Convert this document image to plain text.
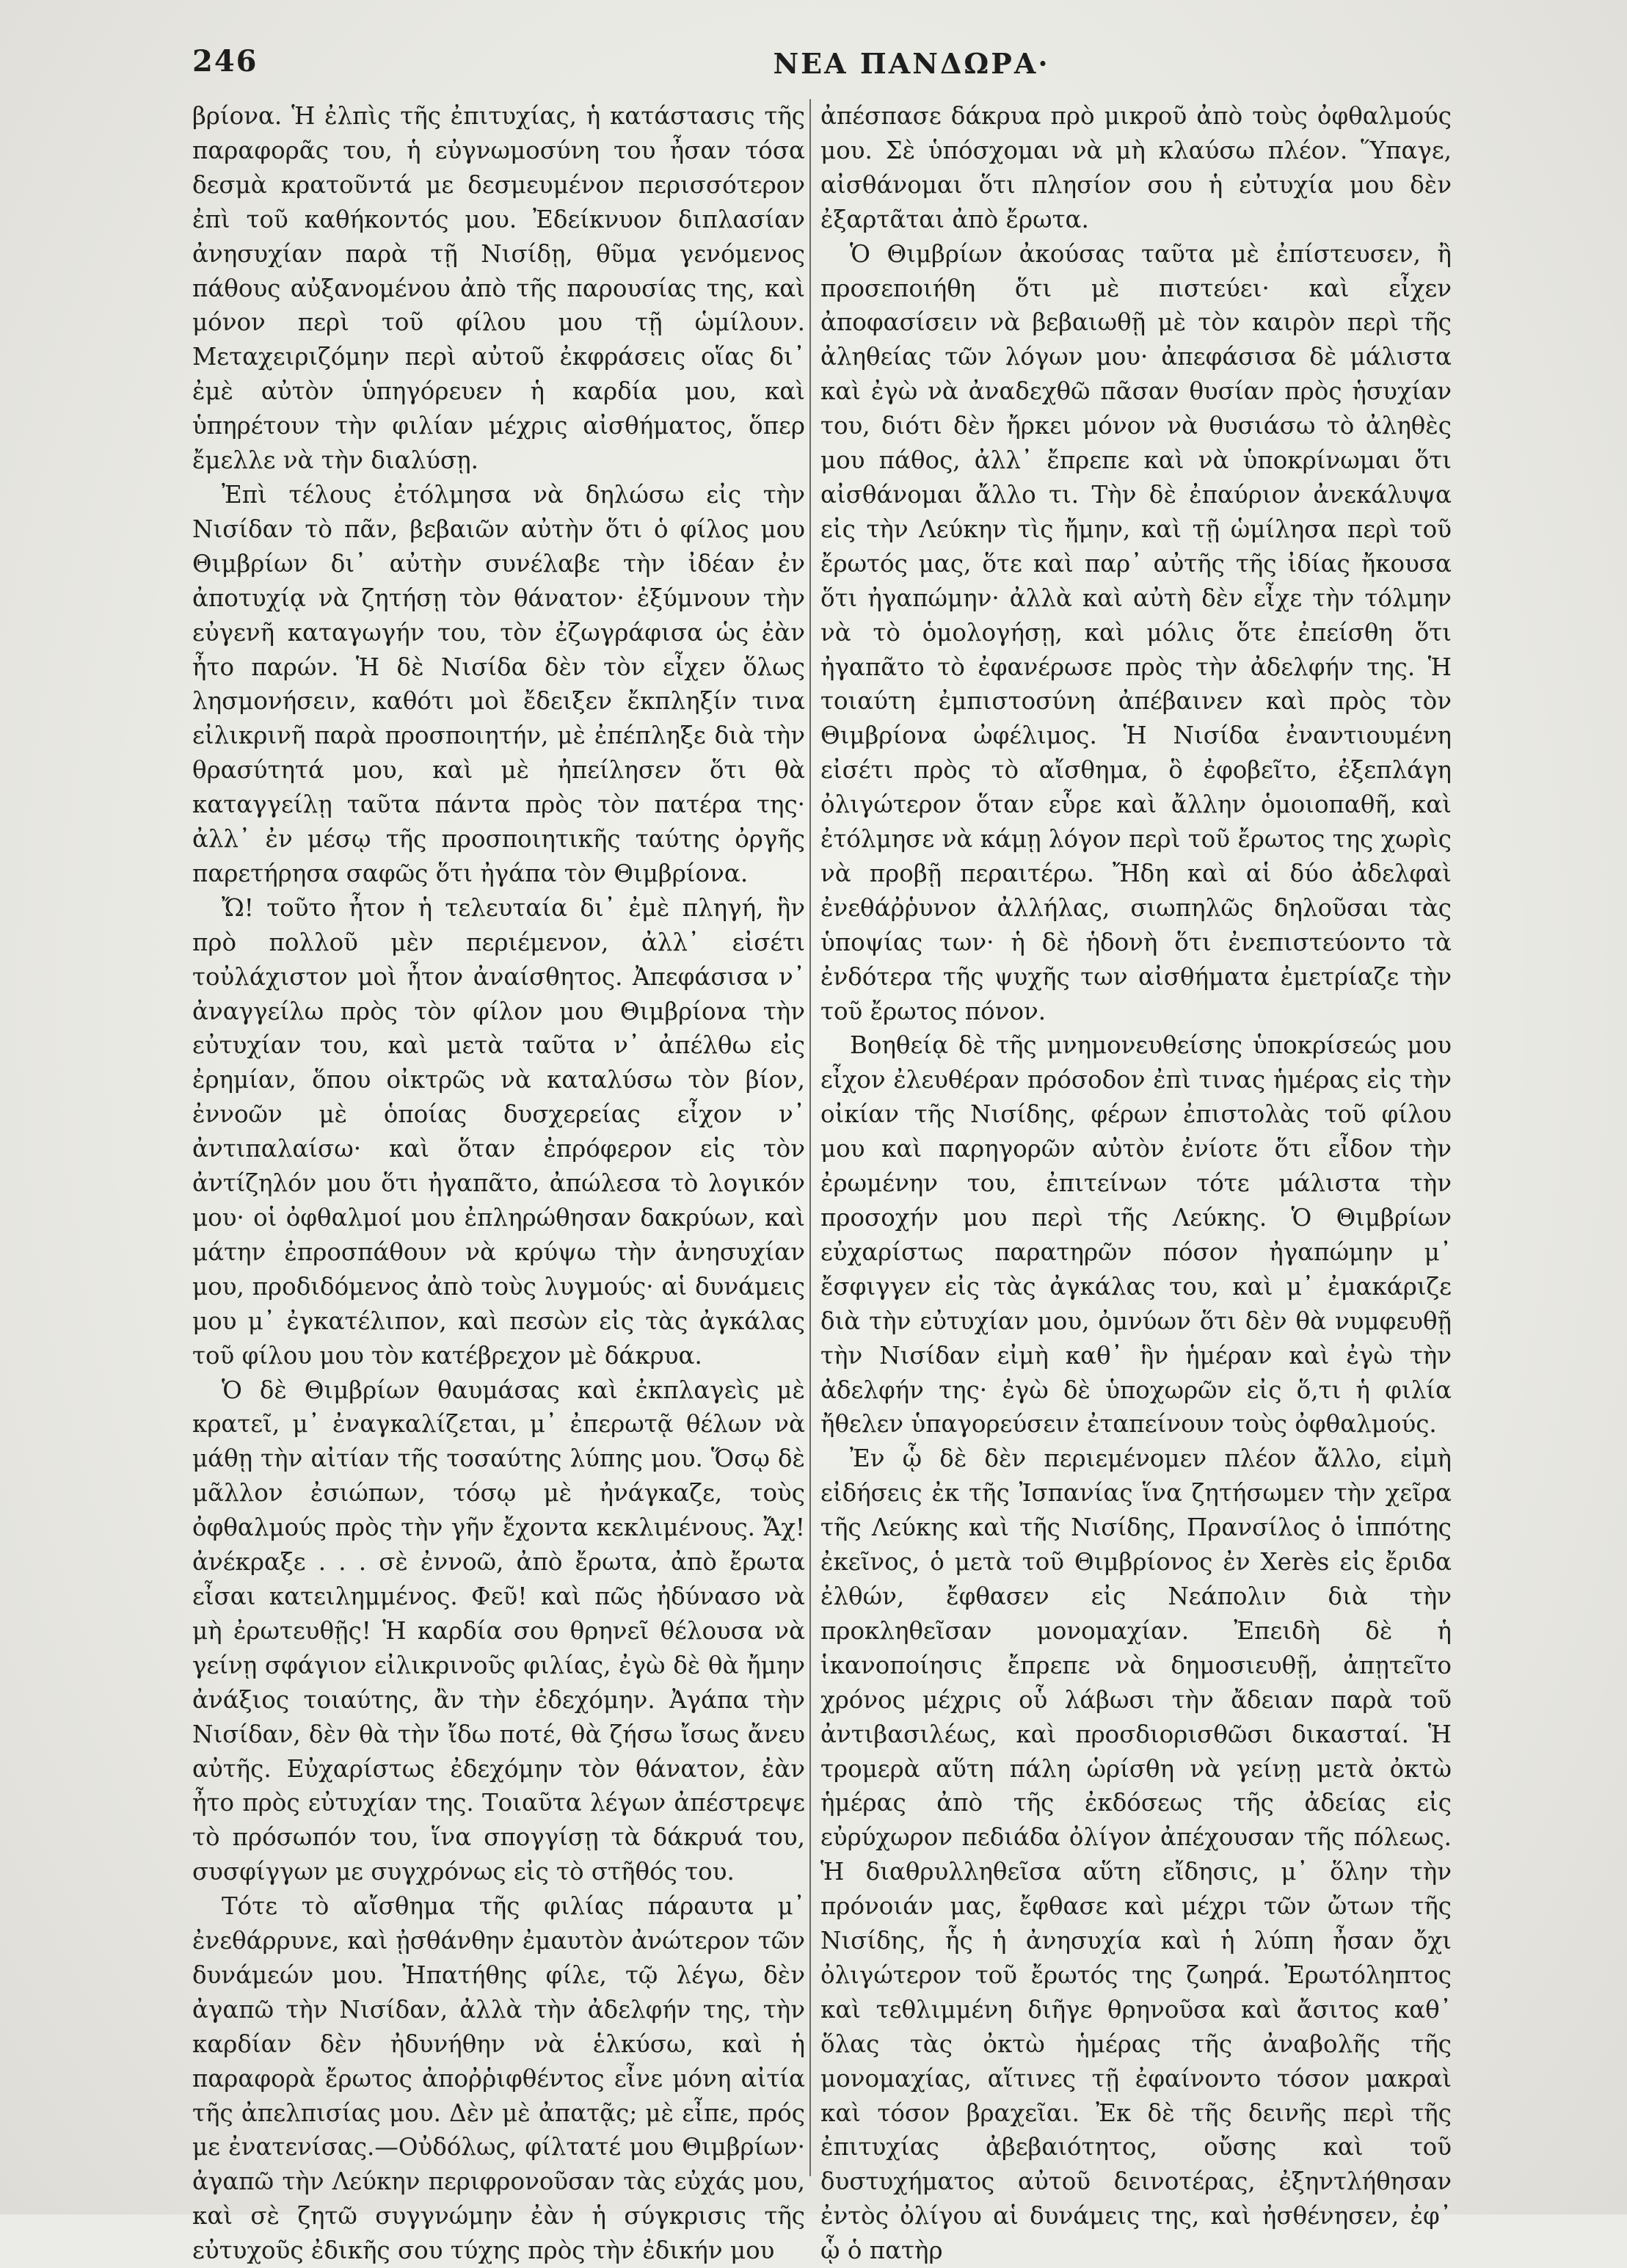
246	ΝΕΑ ΠΑΝΔΩΡΑ·

βρίονα. Ἡ ἐλπὶς τῆς ἐπιτυχίας, ἡ κατάστασις τῆς παραφορᾶς του, ἡ εὐγνωμοσύνη του ἦσαν τόσα δεσμὰ κρατοῦντά με δεσμευμένον περισσότερον ἐπὶ τοῦ καθήκοντός μου. Ἐδείκνυον διπλασίαν ἀνησυχίαν παρὰ τῇ Νισίδῃ, θῦμα γενόμενος πάθους αὐξανομένου ἀπὸ τῆς παρουσίας της, καὶ μόνον περὶ τοῦ φίλου μου τῇ ὡμίλουν. Μεταχειριζόμην περὶ αὐτοῦ ἐκφράσεις οἵας δι᾽ ἐμὲ αὐτὸν ὑπηγόρευεν ἡ καρδία μου, καὶ ὑπηρέτουν τὴν φιλίαν μέχρις αἰσθήματος, ὅπερ ἔμελλε νὰ τὴν διαλύσῃ.

Ἐπὶ τέλους ἐτόλμησα νὰ δηλώσω εἰς τὴν Νισίδαν τὸ πᾶν, βεβαιῶν αὐτὴν ὅτι ὁ φίλος μου Θιμβρίων δι᾽ αὐτὴν συνέλαβε τὴν ἰδέαν ἐν ἀποτυχίᾳ νὰ ζητήσῃ τὸν θάνατον· ἐξύμνουν τὴν εὐγενῆ καταγωγήν του, τὸν ἐζωγράφισα ὡς ἐὰν ἦτο παρών. Ἡ δὲ Νισίδα δὲν τὸν εἶχεν ὅλως λησμονήσειν, καθότι μοὶ ἔδειξεν ἔκπληξίν τινα εἰλικρινῆ παρὰ προσποιητήν, μὲ ἐπέπληξε διὰ τὴν θρασύτητά μου, καὶ μὲ ἠπείλησεν ὅτι θὰ καταγγείλῃ ταῦτα πάντα πρὸς τὸν πατέρα της· ἀλλ᾽ ἐν μέσῳ τῆς προσποιητικῆς ταύτης ὀργῆς παρετήρησα σαφῶς ὅτι ἠγάπα τὸν Θιμβρίονα.

Ὤ! τοῦτο ἦτον ἡ τελευταία δι᾽ ἐμὲ πληγή, ἣν πρὸ πολλοῦ μὲν περιέμενον, ἀλλ᾽ εἰσέτι τοὐλάχιστον μοὶ ἦτον ἀναίσθητος. Ἀπεφάσισα ν᾽ ἀναγγείλω πρὸς τὸν φίλον μου Θιμβρίονα τὴν εὐτυχίαν του, καὶ μετὰ ταῦτα ν᾽ ἀπέλθω εἰς ἐρημίαν, ὅπου οἰκτρῶς νὰ καταλύσω τὸν βίον, ἐννοῶν μὲ ὁποίας δυσχερείας εἶχον ν᾽ ἀντιπαλαίσω· καὶ ὅταν ἐπρόφερον εἰς τὸν ἀντίζηλόν μου ὅτι ἠγαπᾶτο, ἀπώλεσα τὸ λογικόν μου· οἱ ὀφθαλμοί μου ἐπληρώθησαν δακρύων, καὶ μάτην ἐπροσπάθουν νὰ κρύψω τὴν ἀνησυχίαν μου, προδιδόμενος ἀπὸ τοὺς λυγμούς· αἱ δυνάμεις μου μ᾽ ἐγκατέλιπον, καὶ πεσὼν εἰς τὰς ἀγκάλας τοῦ φίλου μου τὸν κατέβρεχον μὲ δάκρυα.

Ὁ δὲ Θιμβρίων θαυμάσας καὶ ἐκπλαγεὶς μὲ κρατεῖ, μ᾽ ἐναγκαλίζεται, μ᾽ ἐπερωτᾷ θέλων νὰ μάθῃ τὴν αἰτίαν τῆς τοσαύτης λύπης μου. Ὅσῳ δὲ μᾶλλον ἐσιώπων, τόσῳ μὲ ἠνάγκαζε, τοὺς ὀφθαλμούς πρὸς τὴν γῆν ἔχοντα κεκλιμένους. Ἄχ! ἀνέκραξε . . . σὲ ἐννοῶ, ἀπὸ ἔρωτα, ἀπὸ ἔρωτα εἶσαι κατειλημμένος. Φεῦ! καὶ πῶς ἠδύνασο νὰ μὴ ἐρωτευθῇς! Ἡ καρδία σου θρηνεῖ θέλουσα νὰ γείνῃ σφάγιον εἰλικρινοῦς φιλίας, ἐγὼ δὲ θὰ ἤμην ἀνάξιος τοιαύτης, ἂν τὴν ἐδεχόμην. Ἀγάπα τὴν Νισίδαν, δὲν θὰ τὴν ἴδω ποτέ, θὰ ζήσω ἴσως ἄνευ αὐτῆς. Εὐχαρίστως ἐδεχόμην τὸν θάνατον, ἐὰν ἦτο πρὸς εὐτυχίαν της. Τοιαῦτα λέγων ἀπέστρεψε τὸ πρόσωπόν του, ἵνα σπογγίσῃ τὰ δάκρυά του, συσφίγγων με συγχρόνως εἰς τὸ στῆθός του.

Τότε τὸ αἴσθημα τῆς φιλίας πάραυτα μ᾽ ἐνεθάρρυνε, καὶ ᾐσθάνθην ἐμαυτὸν ἀνώτερον τῶν δυνάμεών μου. Ἠπατήθης φίλε, τῷ λέγω, δὲν ἀγαπῶ τὴν Νισίδαν, ἀλλὰ τὴν ἀδελφήν της, τὴν καρδίαν δὲν ἠδυνήθην νὰ ἑλκύσω, καὶ ἡ παραφορὰ ἔρωτος ἀποῤῥιφθέντος εἶνε μόνη αἰτία τῆς ἀπελπισίας μου. Δὲν μὲ ἀπατᾷς; μὲ εἶπε, πρός με ἐνατενίσας.—Οὐδόλως, φίλτατέ μου Θιμβρίων· ἀγαπῶ τὴν Λεύκην περιφρονοῦσαν τὰς εὐχάς μου, καὶ σὲ ζητῶ συγγνώμην ἐὰν ἡ σύγκρισις τῆς εὐτυχοῦς ἐδικῆς σου τύχης πρὸς τὴν ἐδικήν μου

ἀπέσπασε δάκρυα πρὸ μικροῦ ἀπὸ τοὺς ὀφθαλμούς μου. Σὲ ὑπόσχομαι νὰ μὴ κλαύσω πλέον. Ὕπαγε, αἰσθάνομαι ὅτι πλησίον σου ἡ εὐτυχία μου δὲν ἐξαρτᾶται ἀπὸ ἔρωτα.

Ὁ Θιμβρίων ἀκούσας ταῦτα μὲ ἐπίστευσεν, ἢ προσεποιήθη ὅτι μὲ πιστεύει· καὶ εἶχεν ἀποφασίσειν νὰ βεβαιωθῇ μὲ τὸν καιρὸν περὶ τῆς ἀληθείας τῶν λόγων μου· ἀπεφάσισα δὲ μάλιστα καὶ ἐγὼ νὰ ἀναδεχθῶ πᾶσαν θυσίαν πρὸς ἡσυχίαν του, διότι δὲν ἤρκει μόνον νὰ θυσιάσω τὸ ἀληθὲς μου πάθος, ἀλλ᾽ ἔπρεπε καὶ νὰ ὑποκρίνωμαι ὅτι αἰσθάνομαι ἄλλο τι. Τὴν δὲ ἐπαύριον ἀνεκάλυψα εἰς τὴν Λεύκην τὶς ἤμην, καὶ τῇ ὡμίλησα περὶ τοῦ ἔρωτός μας, ὅτε καὶ παρ᾽ αὐτῆς τῆς ἰδίας ἤκουσα ὅτι ἠγαπώμην· ἀλλὰ καὶ αὐτὴ δὲν εἶχε τὴν τόλμην νὰ τὸ ὁμολογήσῃ, καὶ μόλις ὅτε ἐπείσθη ὅτι ἠγαπᾶτο τὸ ἐφανέρωσε πρὸς τὴν ἀδελφήν της. Ἡ τοιαύτη ἐμπιστοσύνη ἀπέβαινεν καὶ πρὸς τὸν Θιμβρίονα ὠφέλιμος. Ἡ Νισίδα ἐναντιουμένη εἰσέτι πρὸς τὸ αἴσθημα, ὃ ἐφοβεῖτο, ἐξεπλάγη ὀλιγώτερον ὅταν εὗρε καὶ ἄλλην ὁμοιοπαθῆ, καὶ ἐτόλμησε νὰ κάμῃ λόγον περὶ τοῦ ἔρωτος της χωρὶς νὰ προβῇ περαιτέρω. Ἤδη καὶ αἱ δύο ἀδελφαὶ ἐνεθάῤῥυνον ἀλλήλας, σιωπηλῶς δηλοῦσαι τὰς ὑποψίας των· ἡ δὲ ἡδονὴ ὅτι ἐνεπιστεύοντο τὰ ἐνδότερα τῆς ψυχῆς των αἰσθήματα ἐμετρίαζε τὴν τοῦ ἔρωτος πόνον.

Βοηθείᾳ δὲ τῆς μνημονευθείσης ὑποκρίσεώς μου εἶχον ἐλευθέραν πρόσοδον ἐπὶ τινας ἡμέρας εἰς τὴν οἰκίαν τῆς Νισίδης, φέρων ἐπιστολὰς τοῦ φίλου μου καὶ παρηγορῶν αὐτὸν ἐνίοτε ὅτι εἶδον τὴν ἐρωμένην του, ἐπιτείνων τότε μάλιστα τὴν προσοχήν μου περὶ τῆς Λεύκης. Ὁ Θιμβρίων εὐχαρίστως παρατηρῶν πόσον ἠγαπώμην μ᾽ ἔσφιγγεν εἰς τὰς ἀγκάλας του, καὶ μ᾽ ἐμακάριζε διὰ τὴν εὐτυχίαν μου, ὀμνύων ὅτι δὲν θὰ νυμφευθῇ τὴν Νισίδαν εἰμὴ καθ᾽ ἣν ἡμέραν καὶ ἐγὼ τὴν ἀδελφήν της· ἐγὼ δὲ ὑποχωρῶν εἰς ὅ,τι ἡ φιλία ἤθελεν ὑπαγορεύσειν ἐταπείνουν τοὺς ὀφθαλμούς.

Ἐν ᾧ δὲ δὲν περιεμένομεν πλέον ἄλλο, εἰμὴ εἰδήσεις ἐκ τῆς Ἰσπανίας ἵνα ζητήσωμεν τὴν χεῖρα τῆς Λεύκης καὶ τῆς Νισίδης, Πρανσίλος ὁ ἱππότης ἐκεῖνος, ὁ μετὰ τοῦ Θιμβρίονος ἐν Xerès εἰς ἔριδα ἐλθών, ἔφθασεν εἰς Νεάπολιν διὰ τὴν προκληθεῖσαν μονομαχίαν. Ἐπειδὴ δὲ ἡ ἱκανοποίησις ἔπρεπε νὰ δημοσιευθῇ, ἀπῃτεῖτο χρόνος μέχρις οὗ λάβωσι τὴν ἄδειαν παρὰ τοῦ ἀντιβασιλέως, καὶ προσδιορισθῶσι δικασταί. Ἡ τρομερὰ αὕτη πάλη ὡρίσθη νὰ γείνῃ μετὰ ὀκτὼ ἡμέρας ἀπὸ τῆς ἐκδόσεως τῆς ἀδείας εἰς εὐρύχωρον πεδιάδα ὀλίγον ἀπέχουσαν τῆς πόλεως. Ἡ διαθρυλληθεῖσα αὕτη εἴδησις, μ᾽ ὅλην τὴν πρόνοιάν μας, ἔφθασε καὶ μέχρι τῶν ὤτων τῆς Νισίδης, ἧς ἡ ἀνησυχία καὶ ἡ λύπη ἦσαν ὄχι ὀλιγώτερον τοῦ ἔρωτός της ζωηρά. Ἐρωτόληπτος καὶ τεθλιμμένη διῆγε θρηνοῦσα καὶ ἄσιτος καθ᾽ ὅλας τὰς ὀκτὼ ἡμέρας τῆς ἀναβολῆς τῆς μονομαχίας, αἵτινες τῇ ἐφαίνοντο τόσον μακραὶ καὶ τόσον βραχεῖαι. Ἐκ δὲ τῆς δεινῆς περὶ τῆς ἐπιτυχίας ἀβεβαιότητος, οὔσης καὶ τοῦ δυστυχήματος αὐτοῦ δεινοτέρας, ἐξηντλήθησαν ἐντὸς ὀλίγου αἱ δυνάμεις της, καὶ ἠσθένησεν, ἐφ᾽ ᾧ ὁ πατὴρ
